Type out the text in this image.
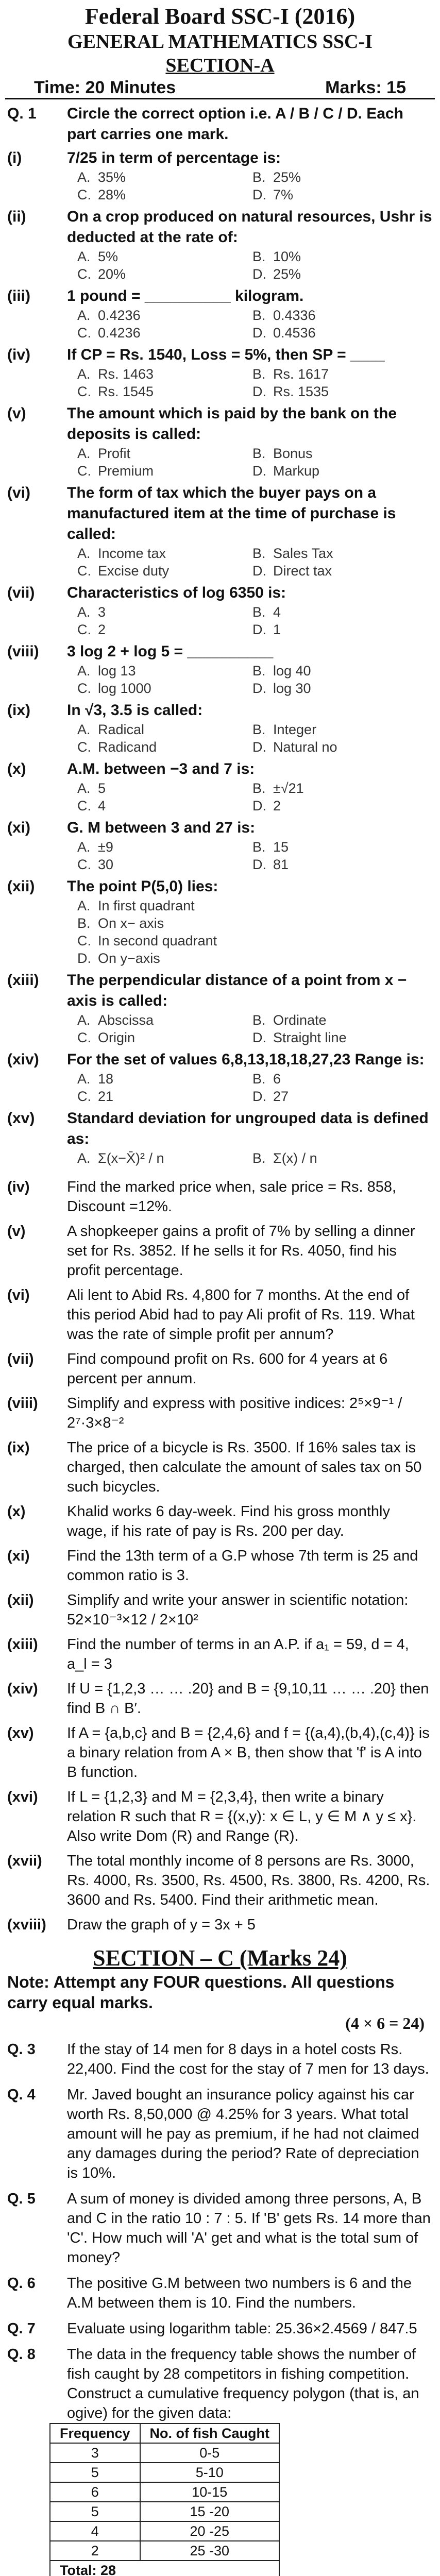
Federal Board SSC-I (2016)
GENERAL MATHEMATICS SSC-I
SECTION-A
Time: 20 Minutes	Marks: 15
Q. 1 Circle the correct option i.e. A / B / C / D. Each part carries one mark.
(i)	7/25 in term of percentage is:
A. 35%	B. 25%
C. 28%	D. 7%
(ii)	On a crop produced on natural resources, Ushr is deducted at the rate of:
A. 5%	B. 10%
C. 20%	D. 25%
(iii) 1 pound = __________ kilogram.
A. 0.4236	B. 0.4336
C. 0.4236	D. 0.4536
(iv) If CP = Rs. 1540, Loss = 5%, then SP = ____
A. Rs. 1463	B. Rs. 1617
C. Rs. 1545	D. Rs. 1535
(v)	The amount which is paid by the bank on the deposits is called:
A. Profit	B. Bonus
C. Premium	D. Markup
(vi) The form of tax which the buyer pays on a manufactured item at the time of purchase is called:
A. Income tax	B. Sales Tax
C. Excise duty	D. Direct tax
(vii) Characteristics of log 6350 is:
A. 3	B. 4
C. 2	D. 1
(viii) 3 log 2 + log 5 = __________
A. log 13	B. log 40
C. log 1000	D. log 30
(ix) In √3, 3.5 is called:
A. Radical	B. Integer
C. Radicand	D. Natural no
(x)	A.M. between −3 and 7 is:
A. 5	B. ±√21
C. 4	D. 2
(xi) G. M between 3 and 27 is:
A. ±9	B. 15
C. 30	D. 81
(xii) The point P(5,0) lies:
A. In first quadrant
B. On x− axis
C. In second quadrant
D. On y−axis
(xiii) The perpendicular distance of a point from x − axis is called:
A. Abscissa	B. Ordinate
C. Origin	D. Straight line
(xiv) For the set of values 6,8,13,18,18,27,23 Range is:
A. 18	B. 6
C. 21	D. 27
(xv) Standard deviation for ungrouped data is defined as:
A. Σ(x−X̄)² / n	B. Σ(x) / n
(iv)	Find the marked price when, sale price = Rs. 858, Discount =12%.
(v)	A shopkeeper gains a profit of 7% by selling a dinner set for Rs. 3852. If he sells it for Rs. 4050, find his profit percentage.
(vi)	Ali lent to Abid Rs. 4,800 for 7 months. At the end of this period Abid had to pay Ali profit of Rs. 119. What was the rate of simple profit per annum?
(vii) Find compound profit on Rs. 600 for 4 years at 6 percent per annum.
(viii) Simplify and express with positive indices: 2⁵×9⁻¹ / 2⁷·3×8⁻²
(ix)	The price of a bicycle is Rs. 3500. If 16% sales tax is charged, then calculate the amount of sales tax on 50 such bicycles.
(x)	Khalid works 6 day-week. Find his gross monthly wage, if his rate of pay is Rs. 200 per day.
(xi)	Find the 13th term of a G.P whose 7th term is 25 and common ratio is 3.
(xii) Simplify and write your answer in scientific notation: 52×10⁻³×12 / 2×10²
(xiii) Find the number of terms in an A.P. if a₁ = 59, d = 4, a_l = 3
(xiv) If U = {1,2,3 … … .20} and B = {9,10,11 … … .20} then find B ∩ B′.
(xv) If A = {a,b,c} and B = {2,4,6} and f = {(a,4),(b,4),(c,4)} is a binary relation from A × B, then show that 'f' is A into B function.
(xvi) If L = {1,2,3} and M = {2,3,4}, then write a binary relation R such that R = {(x,y): x ∈ L, y ∈ M ∧ y ≤ x}. Also write Dom (R) and Range (R).
(xvii) The total monthly income of 8 persons are Rs. 3000, Rs. 4000, Rs. 3500, Rs. 4500, Rs. 3800, Rs. 4200, Rs. 3600 and Rs. 5400. Find their arithmetic mean.
(xviii) Draw the graph of y = 3x + 5
SECTION – C (Marks 24)
Note: Attempt any FOUR questions. All questions carry equal marks.
(4 × 6 = 24)
Q. 3 If the stay of 14 men for 8 days in a hotel costs Rs. 22,400. Find the cost for the stay of 7 men for 13 days.
Q. 4 Mr. Javed bought an insurance policy against his car worth Rs. 8,50,000 @ 4.25% for 3 years. What total amount will he pay as premium, if he had not claimed any damages during the period? Rate of depreciation is 10%.
Q. 5 A sum of money is divided among three persons, A, B and C in the ratio 10 : 7 : 5. If 'B' gets Rs. 14 more than 'C'. How much will 'A' get and what is the total sum of money?
Q. 6 The positive G.M between two numbers is 6 and the A.M between them is 10. Find the numbers.
Q. 7 Evaluate using logarithm table: 25.36×2.4569 / 847.5
Q. 8 The data in the frequency table shows the number of fish caught by 28 competitors in fishing competition. Construct a cumulative frequency polygon (that is, an ogive) for the given data:
Frequency	No. of fish Caught
3	0-5
5	5-10
6	10-15
5	15 -20
4	20 -25
2	25 -30
Total: 28	
